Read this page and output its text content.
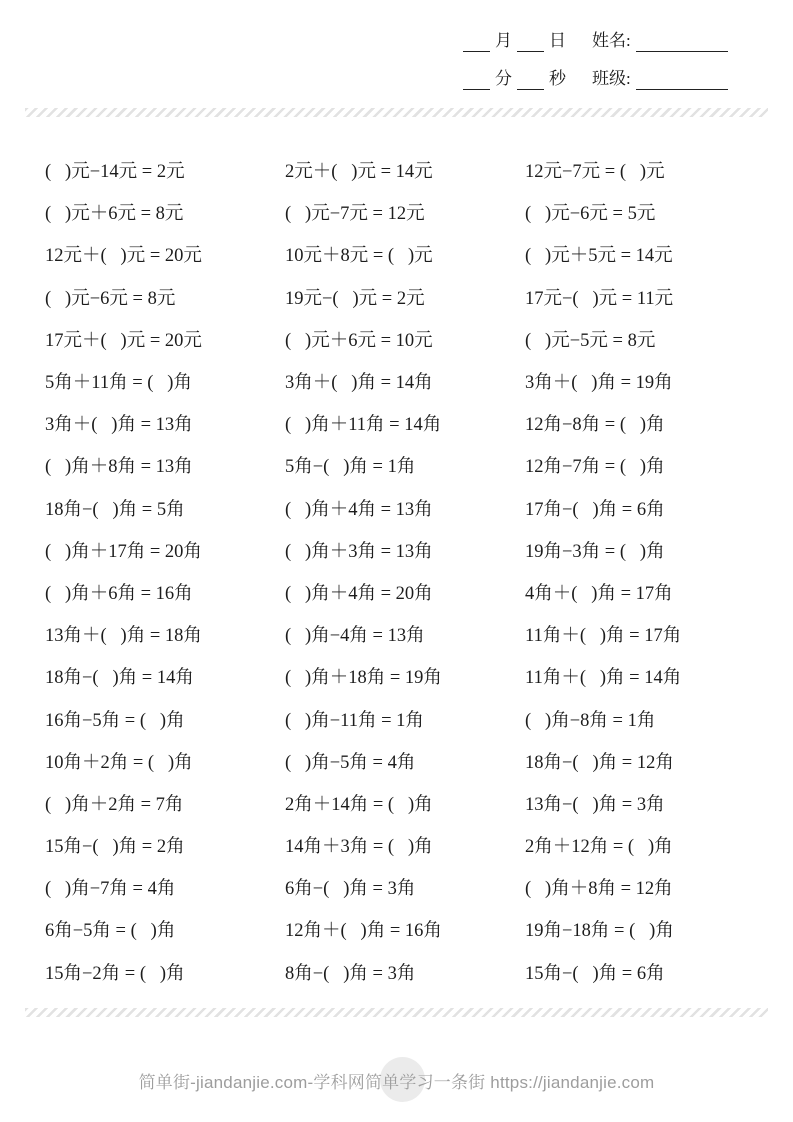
月 日 姓名:
分 秒 班级:
(   )元−14元 = 2元	2元＋(   )元 = 14元	12元−7元 = (   )元
(   )元＋6元 = 8元	(   )元−7元 = 12元	(   )元−6元 = 5元
12元＋(   )元 = 20元	10元＋8元 = (   )元	(   )元＋5元 = 14元
(   )元−6元 = 8元	19元−(   )元 = 2元	17元−(   )元 = 11元
17元＋(   )元 = 20元	(   )元＋6元 = 10元	(   )元−5元 = 8元
5角＋11角 = (   )角	3角＋(   )角 = 14角	3角＋(   )角 = 19角
3角＋(   )角 = 13角	(   )角＋11角 = 14角	12角−8角 = (   )角
(   )角＋8角 = 13角	5角−(   )角 = 1角	12角−7角 = (   )角
18角−(   )角 = 5角	(   )角＋4角 = 13角	17角−(   )角 = 6角
(   )角＋17角 = 20角	(   )角＋3角 = 13角	19角−3角 = (   )角
(   )角＋6角 = 16角	(   )角＋4角 = 20角	4角＋(   )角 = 17角
13角＋(   )角 = 18角	(   )角−4角 = 13角	11角＋(   )角 = 17角
18角−(   )角 = 14角	(   )角＋18角 = 19角	11角＋(   )角 = 14角
16角−5角 = (   )角	(   )角−11角 = 1角	(   )角−8角 = 1角
10角＋2角 = (   )角	(   )角−5角 = 4角	18角−(   )角 = 12角
(   )角＋2角 = 7角	2角＋14角 = (   )角	13角−(   )角 = 3角
15角−(   )角 = 2角	14角＋3角 = (   )角	2角＋12角 = (   )角
(   )角−7角 = 4角	6角−(   )角 = 3角	(   )角＋8角 = 12角
6角−5角 = (   )角	12角＋(   )角 = 16角	19角−18角 = (   )角
15角−2角 = (   )角	8角−(   )角 = 3角	15角−(   )角 = 6角
简单街-jiandanjie.com-学科网简单学习一条街 https://jiandanjie.com
